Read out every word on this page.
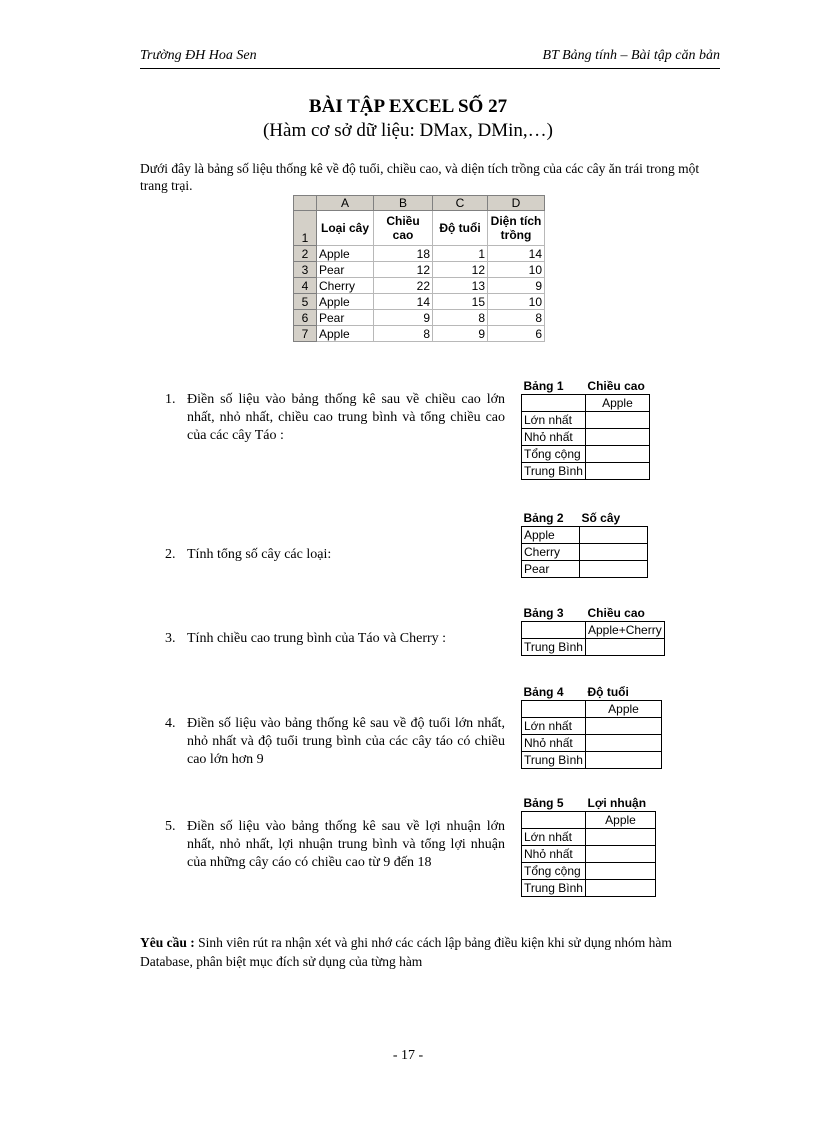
Trường ĐH Hoa Sen	BT Bảng tính – Bài tập căn bản
BÀI TẬP EXCEL SỐ 27
(Hàm cơ sở dữ liệu: DMax, DMin,…)
Dưới đây là bảng số liệu thống kê về độ tuổi, chiều cao, và diện tích trồng của các cây ăn trái trong một trang trại.
	A	B	C	D
1	Loại cây	Chiều cao	Độ tuổi	Diện tích trồng
2	Apple	18	1	14
3	Pear	12	12	10
4	Cherry	22	13	9
5	Apple	14	15	10
6	Pear	9	8	8
7	Apple	8	9	6
1. Điền số liệu vào bảng thống kê sau về chiều cao lớn nhất, nhỏ nhất, chiều cao trung bình và tổng chiều cao của các cây Táo :
Bảng 1	Chiều cao
	Apple
Lớn nhất	
Nhỏ nhất	
Tổng cộng	
Trung Bình	
2. Tính tổng số cây các loại:
Bảng 2	Số cây
Apple	
Cherry	
Pear	
3. Tính chiều cao trung bình của Táo và Cherry :
Bảng 3	Chiều cao
	Apple+Cherry
Trung Bình	
4. Điền số liệu vào bảng thống kê sau về độ tuổi lớn nhất, nhỏ nhất và độ tuổi trung bình của các cây táo có chiều cao lớn hơn 9
Bảng 4	Độ tuổi
	Apple
Lớn nhất	
Nhỏ nhất	
Trung Bình	
5. Điền số liệu vào bảng thống kê sau về lợi nhuận lớn nhất, nhỏ nhất, lợi nhuận trung bình và tổng lợi nhuận của những cây cáo có chiều cao từ 9 đến 18
Bảng 5	Lợi nhuận
	Apple
Lớn nhất	
Nhỏ nhất	
Tổng cộng	
Trung Bình	
Yêu cầu : Sinh viên rút ra nhận xét và ghi nhớ các cách lập bảng điều kiện khi sử dụng nhóm hàm Database, phân biệt mục đích sử dụng của từng hàm
- 17 -
